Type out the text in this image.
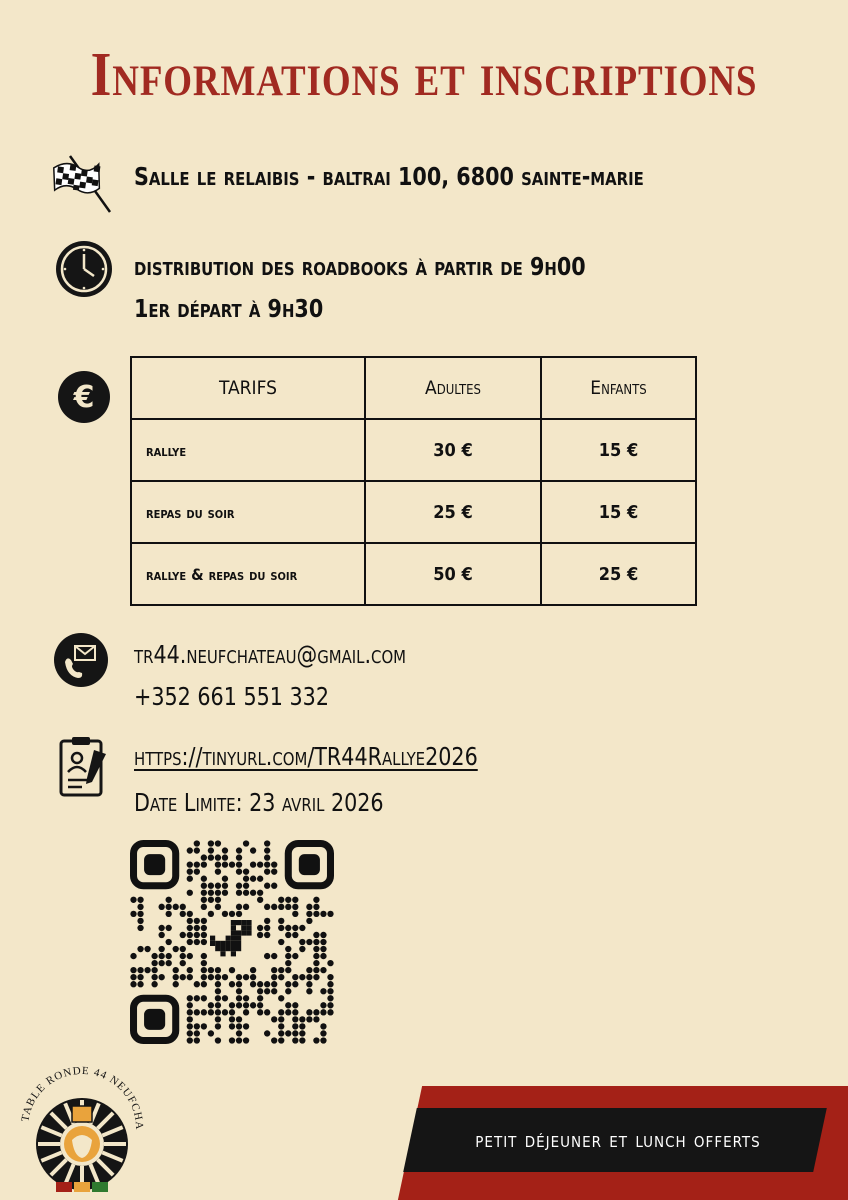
Informations et inscriptions
Salle le relaibis - baltrai 100, 6800 sainte-marie
distribution des roadbooks à partir de 9h00
1er départ à 9h30
€	TARIFS	Adultes	Enfants
rallye	30 €	15 €
repas du soir	25 €	15 €
rallye & repas du soir	50 €	25 €
tr44.neufchateau@gmail.com
+352 661 551 332
https://tinyurl.com/TR44Rallye2026
Date Limite: 23 avril 2026
TABLE RONDE 44 NEUFCHA
petit déjeuner et lunch offerts
